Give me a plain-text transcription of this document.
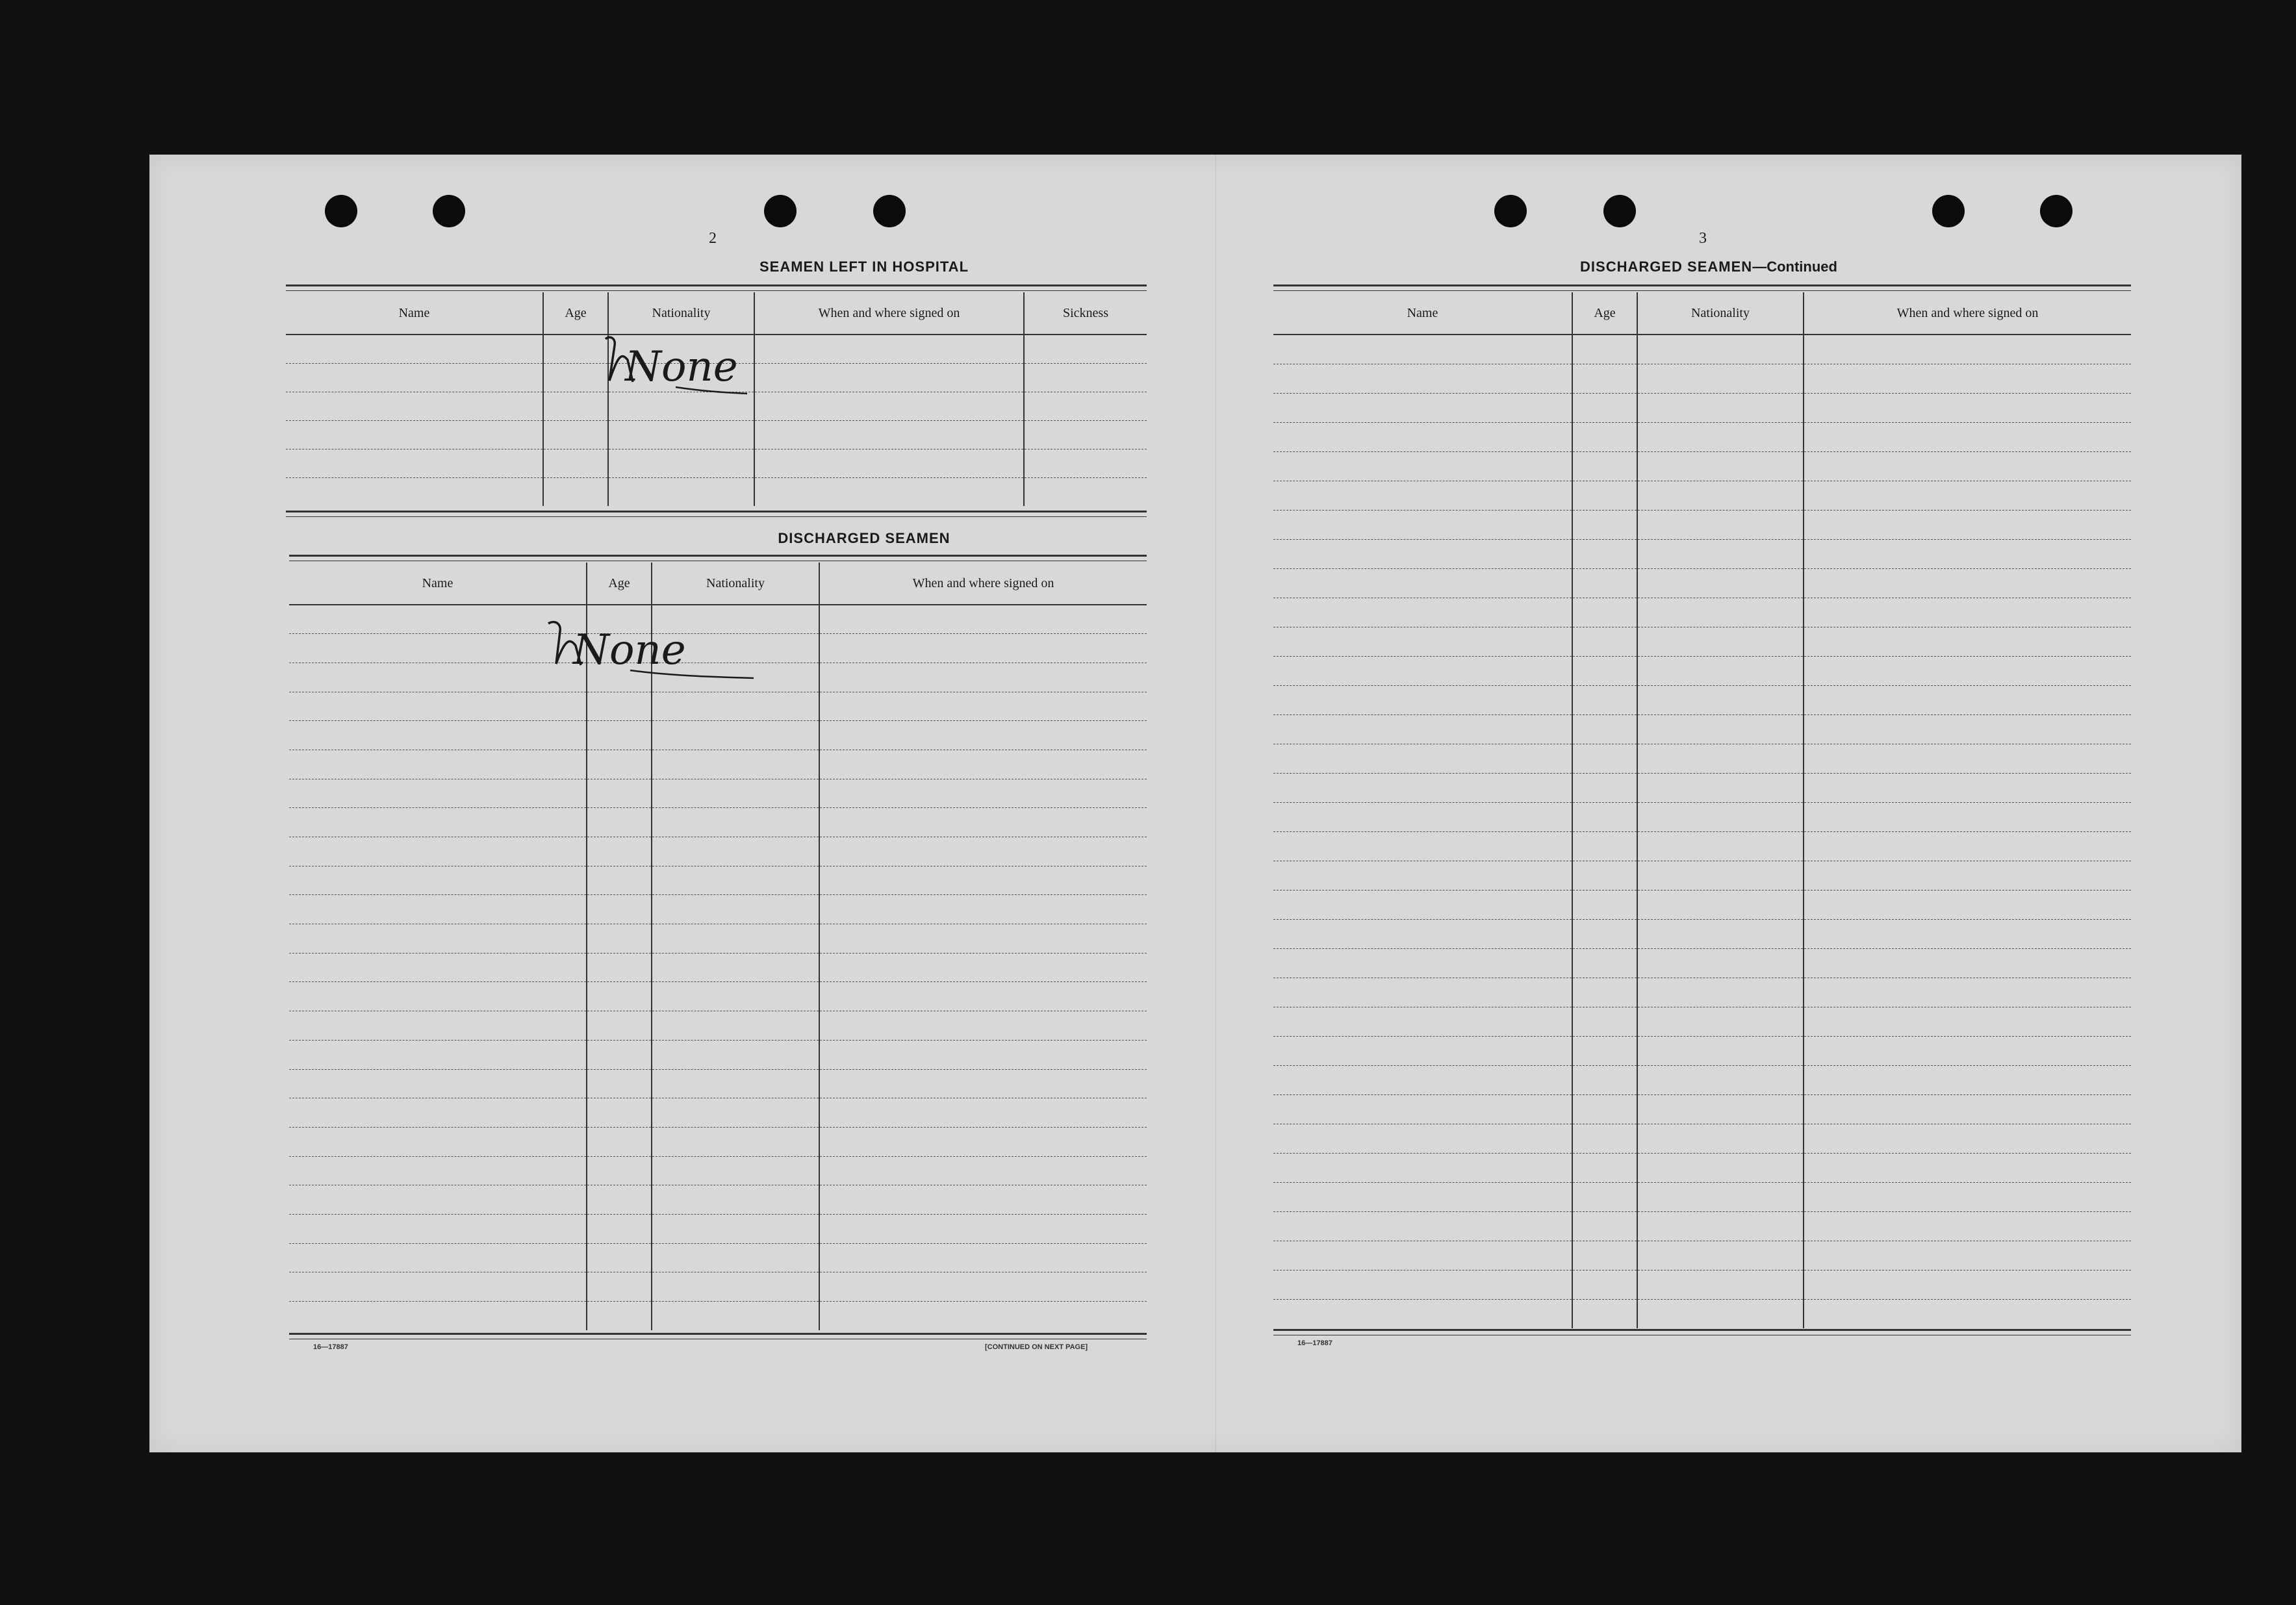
2
SEAMEN LEFT IN HOSPITAL
Name	Age	Nationality	When and where signed on	Sickness

None
DISCHARGED SEAMEN
Name	Age	Nationality	When and where signed on

None
16—17887	[CONTINUED ON NEXT PAGE]
3
DISCHARGED SEAMEN—Continued
Name	Age	Nationality	When and where signed on

16—17887
